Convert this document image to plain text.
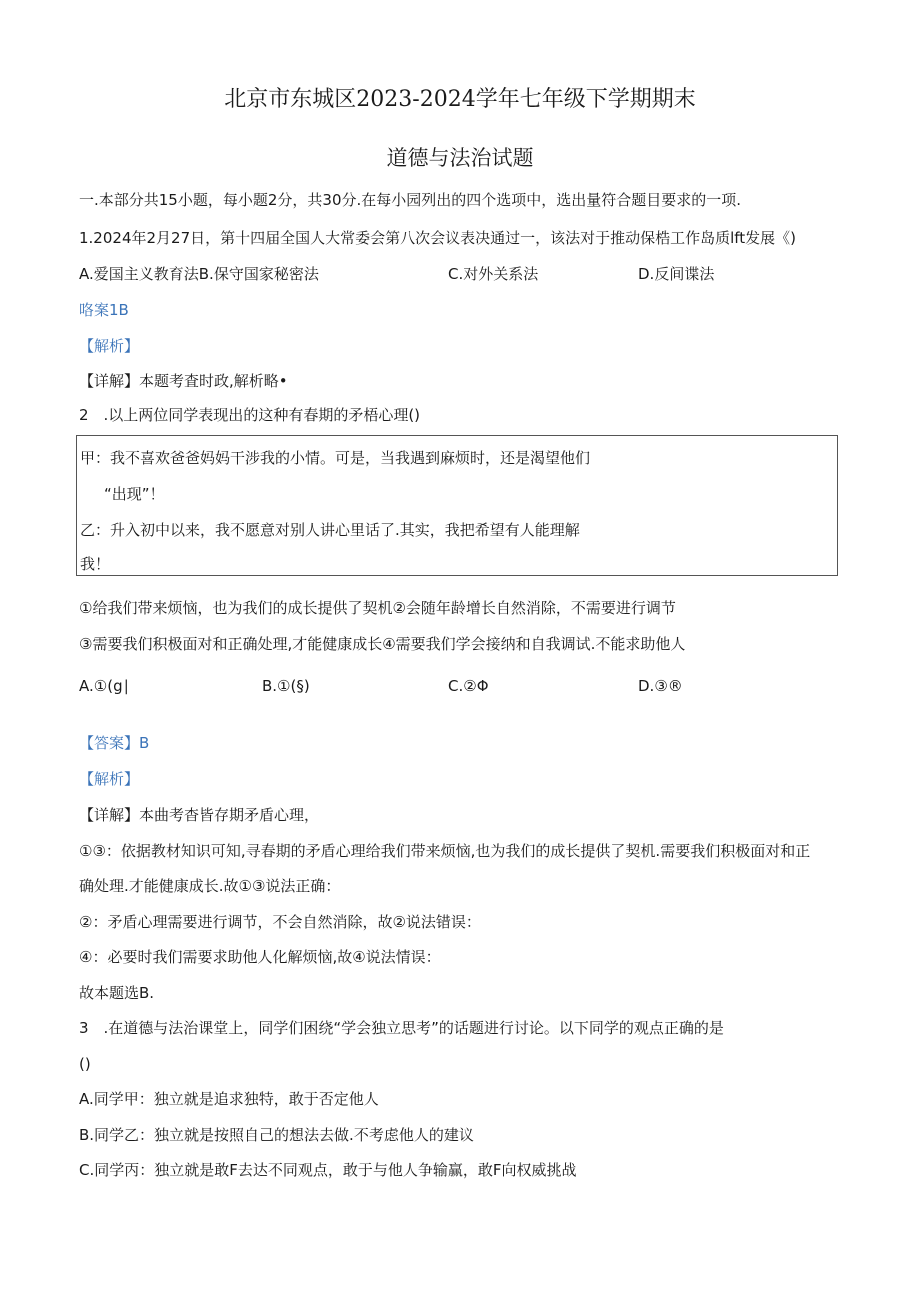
北京市东城区2023-2024学年七年级下学期期末
道德与法治试题
一.本部分共15小题，每小题2分，共30分.在每小园列出的四个选项中，选出量符合题目要求的一项.
1.2024年2月27日，第十四届全国人大常委会第八次会议表决通过一，该法对于推动保梏工作岛质lft发展《)
A.爱国主义教育法B.保守国家秘密法	C.对外关系法	D.反间谍法
咯案1B
【解析】
【详解】本题考査时政,解析略•
2　.以上两位同学表现出的这种有春期的矛梧心理()
甲：我不喜欢爸爸妈妈干涉我的小情。可是，当我遇到麻烦时，还是渴望他们
“出现”！
乙：升入初中以来，我不愿意对别人讲心里话了.其实，我把希望有人能理解
我！
①给我们带来烦恼，也为我们的成长提供了契机②会随年龄增长自然消除，不需要进行调节
③需要我们积极面对和正确处理,才能健康成长④需要我们学会接纳和自我调试.不能求助他人
A.①(g∣	B.①(§)	C.②Φ	D.③®
【答案】B
【解析】
【详解】本曲考杳皆存期矛盾心理，
①③：依据教材知识可知,寻春期的矛盾心理给我们带来烦恼,也为我们的成长提供了契机.需要我们积极面对和正
确处理.才能健康成长.故①③说法正确：
②：矛盾心理需要进行调节，不会自然消除，故②说法错误：
④：必要时我们需要求助他人化解烦恼,故④说法情误：
故本题选B.
3　.在道德与法治课堂上，同学们困绕“学会独立思考”的话题进行讨论。以下同学的观点正确的是
()
A.同学甲：独立就是追求独特，敢于否定他人
B.同学乙：独立就是按照自己的想法去做.不考虑他人的建议
C.同学丙：独立就是敢F去达不同观点，敢于与他人争输赢，敢F向权威挑战
